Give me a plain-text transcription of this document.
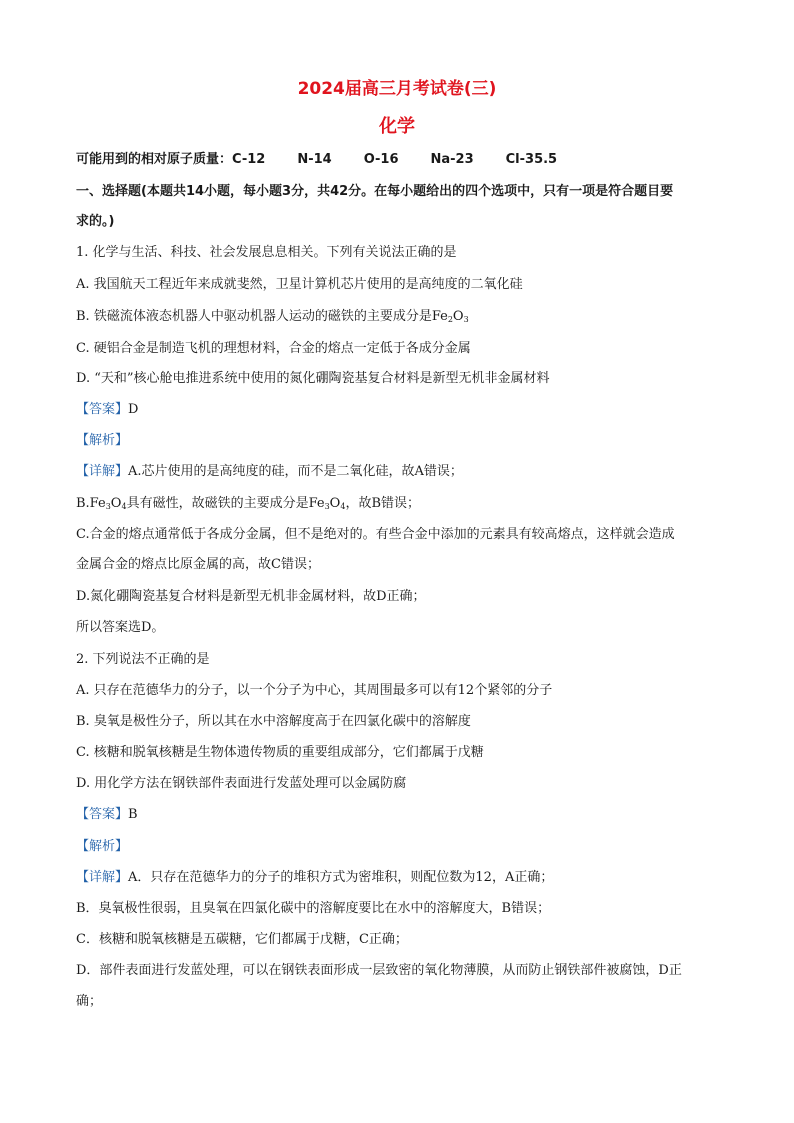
2024届高三月考试卷(三)
化学
可能用到的相对原子质量：C-12 N-14 O-16 Na-23 Cl-35.5
一、选择题(本题共14小题，每小题3分，共42分。在每小题给出的四个选项中，只有一项是符合题目要
求的。)
1. 化学与生活、科技、社会发展息息相关。下列有关说法正确的是
A. 我国航天工程近年来成就斐然，卫星计算机芯片使用的是高纯度的二氧化硅
B. 铁磁流体液态机器人中驱动机器人运动的磁铁的主要成分是$Fe_2O_3$
C. 硬铝合金是制造飞机的理想材料，合金的熔点一定低于各成分金属
D. “天和”核心舱电推进系统中使用的氮化硼陶瓷基复合材料是新型无机非金属材料
【答案】D
【解析】
【详解】A.芯片使用的是高纯度的硅，而不是二氧化硅，故A错误；
$B.Fe_3O_4$具有磁性，故磁铁的主要成分是$Fe_3O_4$，故B错误；
C.合金的熔点通常低于各成分金属，但不是绝对的。有些合金中添加的元素具有较高熔点，这样就会造成
金属合金的熔点比原金属的高，故C错误；
D.氮化硼陶瓷基复合材料是新型无机非金属材料，故D正确；
所以答案选D。
2. 下列说法不正确的是
A. 只存在范德华力的分子，以一个分子为中心，其周围最多可以有12个紧邻的分子
B. 臭氧是极性分子，所以其在水中溶解度高于在四氯化碳中的溶解度
C. 核糖和脱氧核糖是生物体遗传物质的重要组成部分，它们都属于戊糖
D. 用化学方法在钢铁部件表面进行发蓝处理可以金属防腐
【答案】B
【解析】
【详解】A．只存在范德华力的分子的堆积方式为密堆积，则配位数为12，A正确；
B．臭氧极性很弱，且臭氧在四氯化碳中的溶解度要比在水中的溶解度大，B错误；
C．核糖和脱氧核糖是五碳糖，它们都属于戊糖，C正确；
D．部件表面进行发蓝处理，可以在钢铁表面形成一层致密的氧化物薄膜，从而防止钢铁部件被腐蚀，D正
确；
